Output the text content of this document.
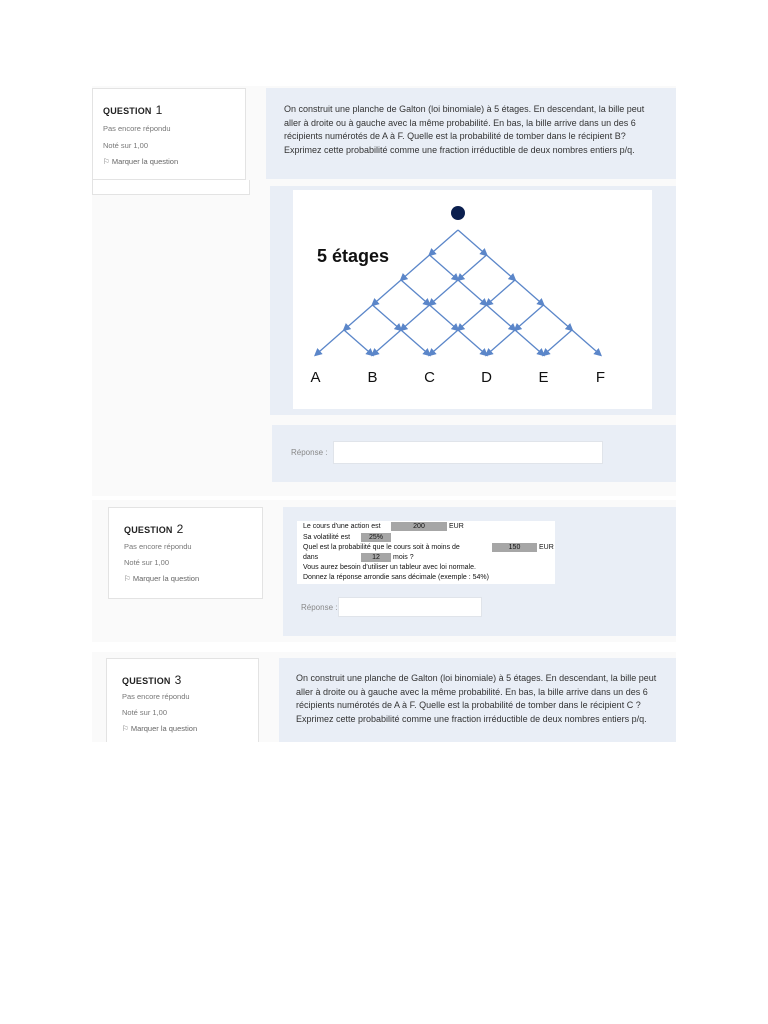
QUESTION 1
Pas encore répondu
Noté sur 1,00
⚐ Marquer la question
On construit une planche de Galton (loi binomiale) à 5 étages. En descendant, la bille peut aller à droite ou à gauche avec la même probabilité. En bas, la bille arrive dans un des 6 récipients numérotés de A à F. Quelle est la probabilité de tomber dans le récipient B? Exprimez cette probabilité comme une fraction irréductible de deux nombres entiers p/q.
5 étages
A	B	C	D	E	F
Réponse :
QUESTION 2
Pas encore répondu
Noté sur 1,00
⚐ Marquer la question
Le cours d'une action est	200	EUR
Sa volatilité est	25%
Quel est la probabilité que le cours soit à moins de	150	EUR
dans	12	mois ?
Vous aurez besoin d'utiliser un tableur avec loi normale.
Donnez la réponse arrondie sans décimale (exemple : 54%)
Réponse :
QUESTION 3
Pas encore répondu
Noté sur 1,00
⚐ Marquer la question
On construit une planche de Galton (loi binomiale) à 5 étages. En descendant, la bille peut aller à droite ou à gauche avec la même probabilité. En bas, la bille arrive dans un des 6 récipients numérotés de A à F. Quelle est la probabilité de tomber dans le récipient C ? Exprimez cette probabilité comme une fraction irréductible de deux nombres entiers p/q.
